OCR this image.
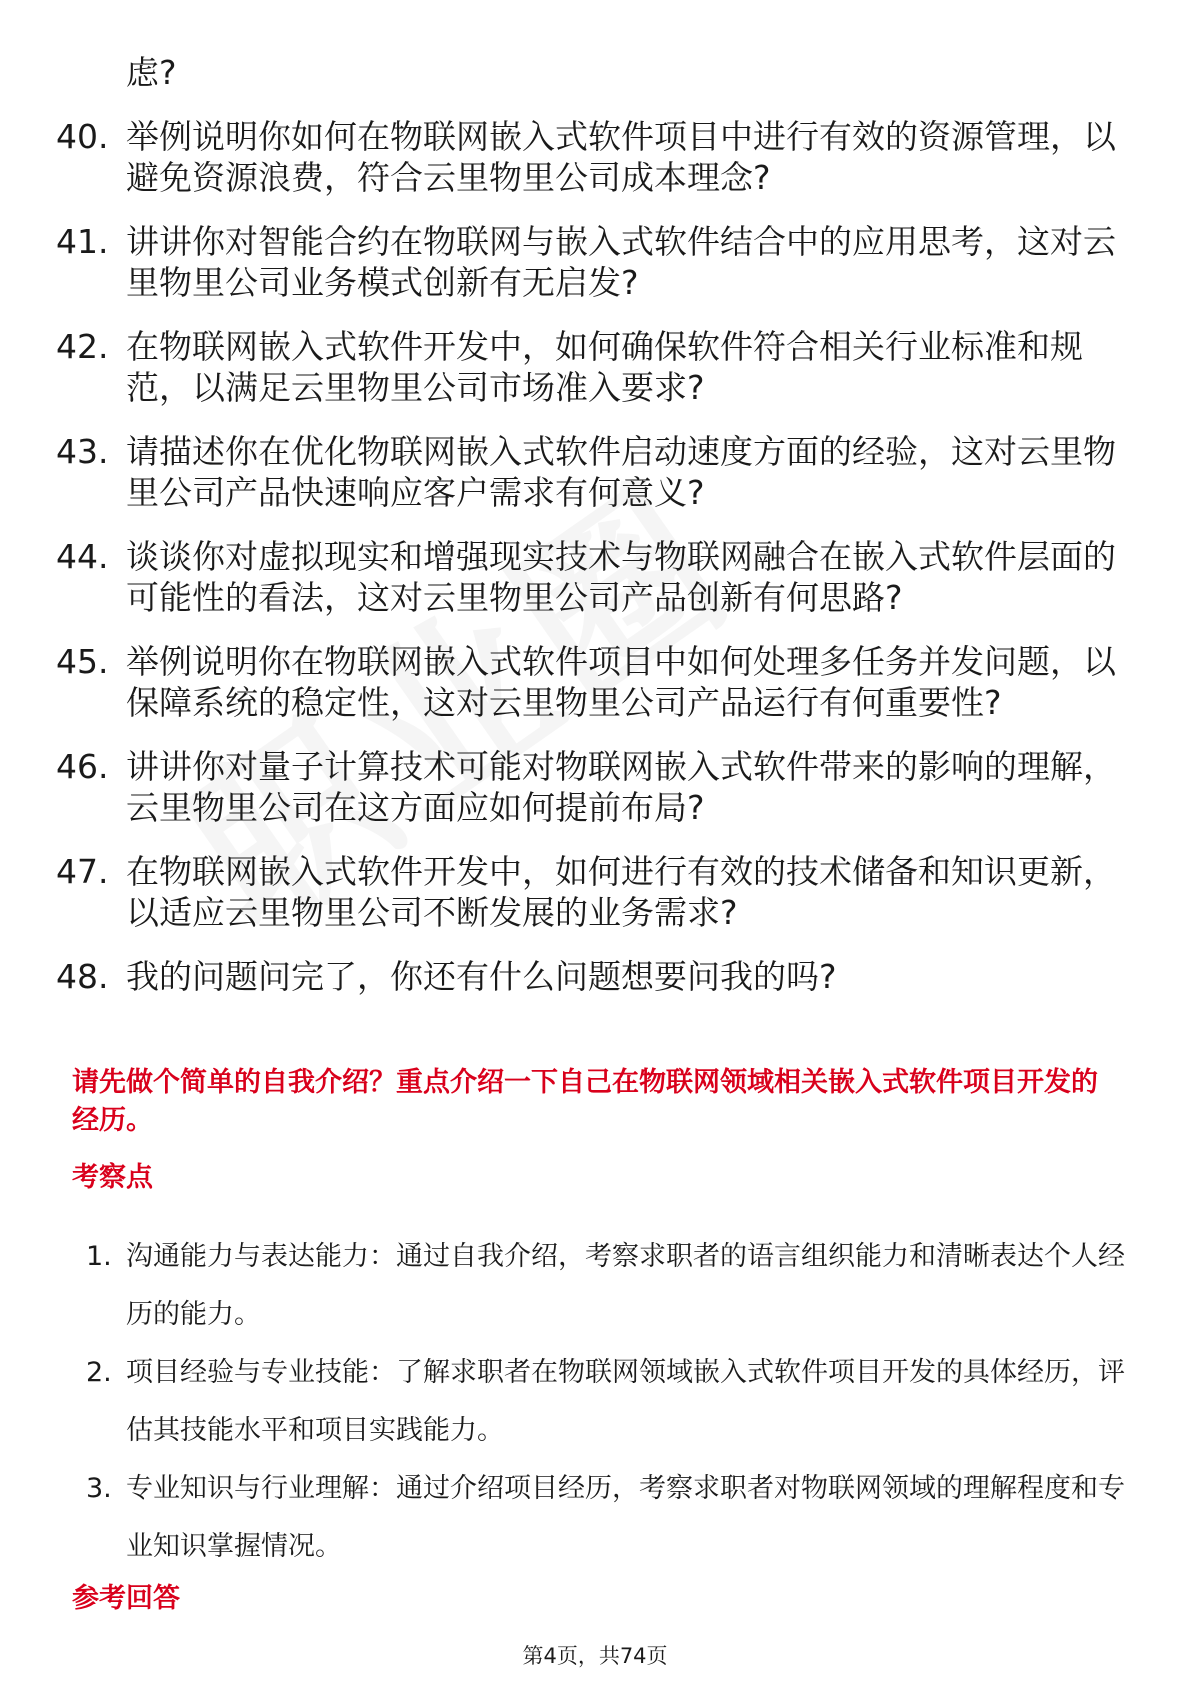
虑?
40. 举例说明你如何在物联网嵌入式软件项目中进行有效的资源管理，以避免资源浪费，符合云里物里公司成本理念?
41. 讲讲你对智能合约在物联网与嵌入式软件结合中的应用思考，这对云里物里公司业务模式创新有无启发?
42. 在物联网嵌入式软件开发中，如何确保软件符合相关行业标准和规范，以满足云里物里公司市场准入要求?
43. 请描述你在优化物联网嵌入式软件启动速度方面的经验，这对云里物里公司产品快速响应客户需求有何意义?
44. 谈谈你对虚拟现实和增强现实技术与物联网融合在嵌入式软件层面的可能性的看法，这对云里物里公司产品创新有何思路?
45. 举例说明你在物联网嵌入式软件项目中如何处理多任务并发问题，以保障系统的稳定性，这对云里物里公司产品运行有何重要性?
46. 讲讲你对量子计算技术可能对物联网嵌入式软件带来的影响的理解，云里物里公司在这方面应如何提前布局?
47. 在物联网嵌入式软件开发中，如何进行有效的技术储备和知识更新，以适应云里物里公司不断发展的业务需求?
48. 我的问题问完了，你还有什么问题想要问我的吗?

请先做个简单的自我介绍？重点介绍一下自己在物联网领域相关嵌入式软件项目开发的经历。

考察点
1. 沟通能力与表达能力：通过自我介绍，考察求职者的语言组织能力和清晰表达个人经历的能力。
2. 项目经验与专业技能：了解求职者在物联网领域嵌入式软件项目开发的具体经历，评估其技能水平和项目实践能力。
3. 专业知识与行业理解：通过介绍项目经历，考察求职者对物联网领域的理解程度和专业知识掌握情况。
参考回答
第4页，共74页
